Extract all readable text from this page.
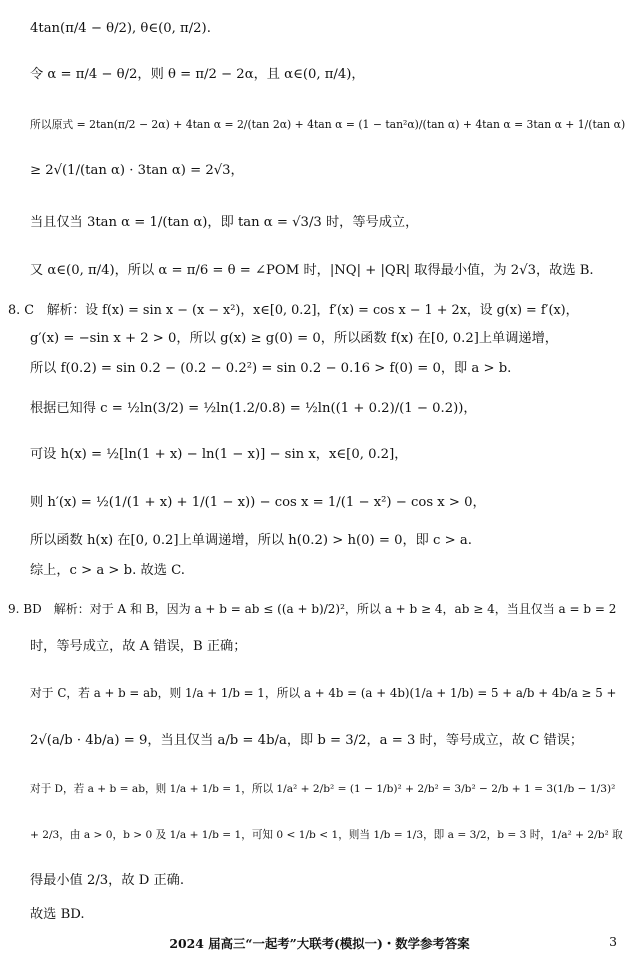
4tan(π/4 − θ/2), θ∈(0, π/2).
令 α = π/4 − θ/2，则 θ = π/2 − 2α，且 α∈(0, π/4)，
所以原式 = 2tan(π/2 − 2α) + 4tan α = 2/(tan 2α) + 4tan α = (1 − tan²α)/(tan α) + 4tan α = 3tan α + 1/(tan α)
≥ 2√(1/(tan α) · 3tan α) = 2√3，
当且仅当 3tan α = 1/(tan α)，即 tan α = √3/3 时，等号成立，
又 α∈(0, π/4)，所以 α = π/6 = θ = ∠POM 时，|NQ| + |QR| 取得最小值，为 2√3，故选 B.
8. C　解析：设 f(x) = sin x − (x − x²)，x∈[0, 0.2]，f′(x) = cos x − 1 + 2x，设 g(x) = f′(x)，
g′(x) = −sin x + 2 > 0，所以 g(x) ≥ g(0) = 0，所以函数 f(x) 在[0, 0.2]上单调递增，
所以 f(0.2) = sin 0.2 − (0.2 − 0.2²) = sin 0.2 − 0.16 > f(0) = 0，即 a > b.
根据已知得 c = ½ln(3/2) = ½ln(1.2/0.8) = ½ln((1 + 0.2)/(1 − 0.2))，
可设 h(x) = ½[ln(1 + x) − ln(1 − x)] − sin x，x∈[0, 0.2]，
则 h′(x) = ½(1/(1 + x) + 1/(1 − x)) − cos x = 1/(1 − x²) − cos x > 0，
所以函数 h(x) 在[0, 0.2]上单调递增，所以 h(0.2) > h(0) = 0，即 c > a.
综上，c > a > b. 故选 C.
9. BD　解析：对于 A 和 B，因为 a + b = ab ≤ ((a + b)/2)²，所以 a + b ≥ 4，ab ≥ 4，当且仅当 a = b = 2
时，等号成立，故 A 错误，B 正确；
对于 C，若 a + b = ab，则 1/a + 1/b = 1，所以 a + 4b = (a + 4b)(1/a + 1/b) = 5 + a/b + 4b/a ≥ 5 +
2√(a/b · 4b/a) = 9，当且仅当 a/b = 4b/a，即 b = 3/2，a = 3 时，等号成立，故 C 错误；
对于 D，若 a + b = ab，则 1/a + 1/b = 1，所以 1/a² + 2/b² = (1 − 1/b)² + 2/b² = 3/b² − 2/b + 1 = 3(1/b − 1/3)²
+ 2/3，由 a > 0，b > 0 及 1/a + 1/b = 1，可知 0 < 1/b < 1，则当 1/b = 1/3，即 a = 3/2，b = 3 时，1/a² + 2/b² 取
得最小值 2/3，故 D 正确.
故选 BD.
2024 届高三“一起考”大联考(模拟一)・数学参考答案	3
